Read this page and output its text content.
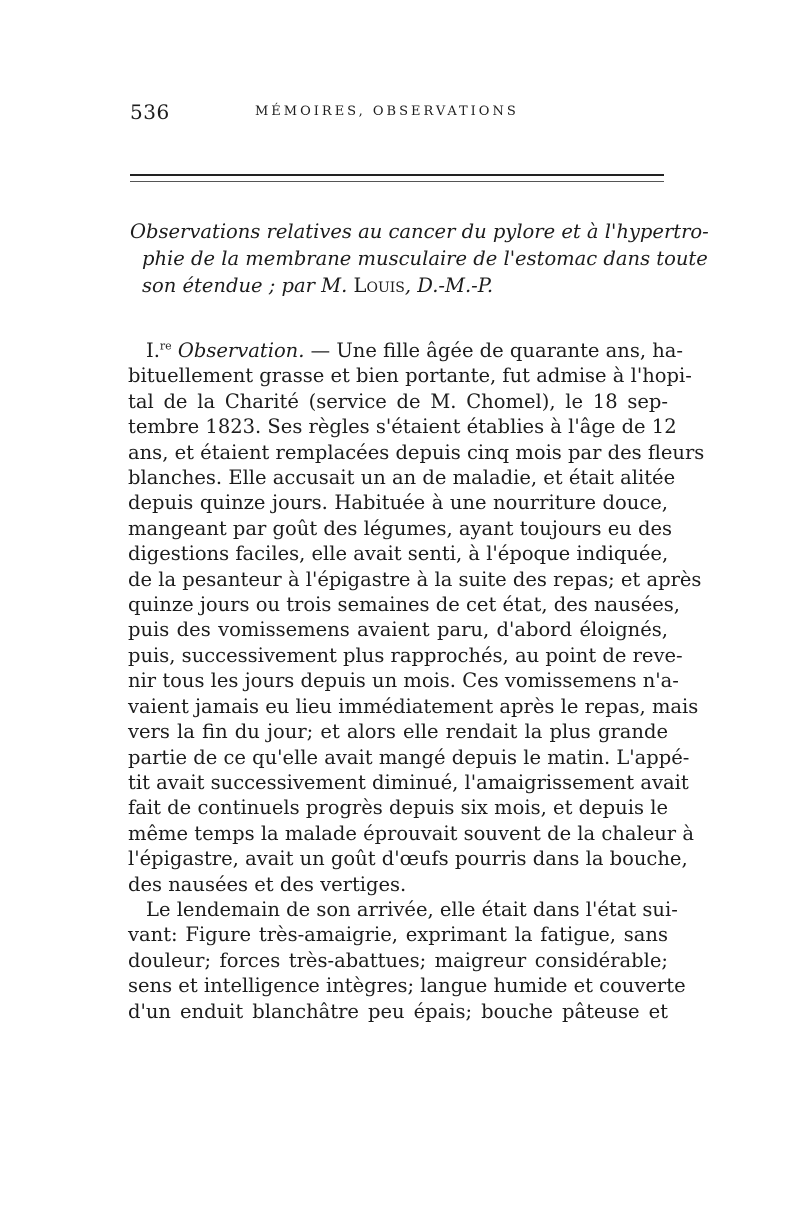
536	MÉMOIRES, OBSERVATIONS
Observations relatives au cancer du pylore et à l'hypertro-
phie de la membrane musculaire de l'estomac dans toute
son étendue ; par M. Louis, D.-M.-P.
I.$^{re}$ Observation. — Une fille âgée de quarante ans, ha-
bituellement grasse et bien portante, fut admise à l'hopi-
tal de la Charité (service de M. Chomel), le 18 sep-
tembre 1823. Ses règles s'étaient établies à l'âge de 12
ans, et étaient remplacées depuis cinq mois par des fleurs
blanches. Elle accusait un an de maladie, et était alitée
depuis quinze jours. Habituée à une nourriture douce,
mangeant par goût des légumes, ayant toujours eu des
digestions faciles, elle avait senti, à l'époque indiquée,
de la pesanteur à l'épigastre à la suite des repas; et après
quinze jours ou trois semaines de cet état, des nausées,
puis des vomissemens avaient paru, d'abord éloignés,
puis, successivement plus rapprochés, au point de reve-
nir tous les jours depuis un mois. Ces vomissemens n'a-
vaient jamais eu lieu immédiatement après le repas, mais
vers la fin du jour; et alors elle rendait la plus grande
partie de ce qu'elle avait mangé depuis le matin. L'appé-
tit avait successivement diminué, l'amaigrissement avait
fait de continuels progrès depuis six mois, et depuis le
même temps la malade éprouvait souvent de la chaleur à
l'épigastre, avait un goût d'œufs pourris dans la bouche,
des nausées et des vertiges.
Le lendemain de son arrivée, elle était dans l'état sui-
vant: Figure très-amaigrie, exprimant la fatigue, sans
douleur; forces très-abattues; maigreur considérable;
sens et intelligence intègres; langue humide et couverte
d'un enduit blanchâtre peu épais; bouche pâteuse et
